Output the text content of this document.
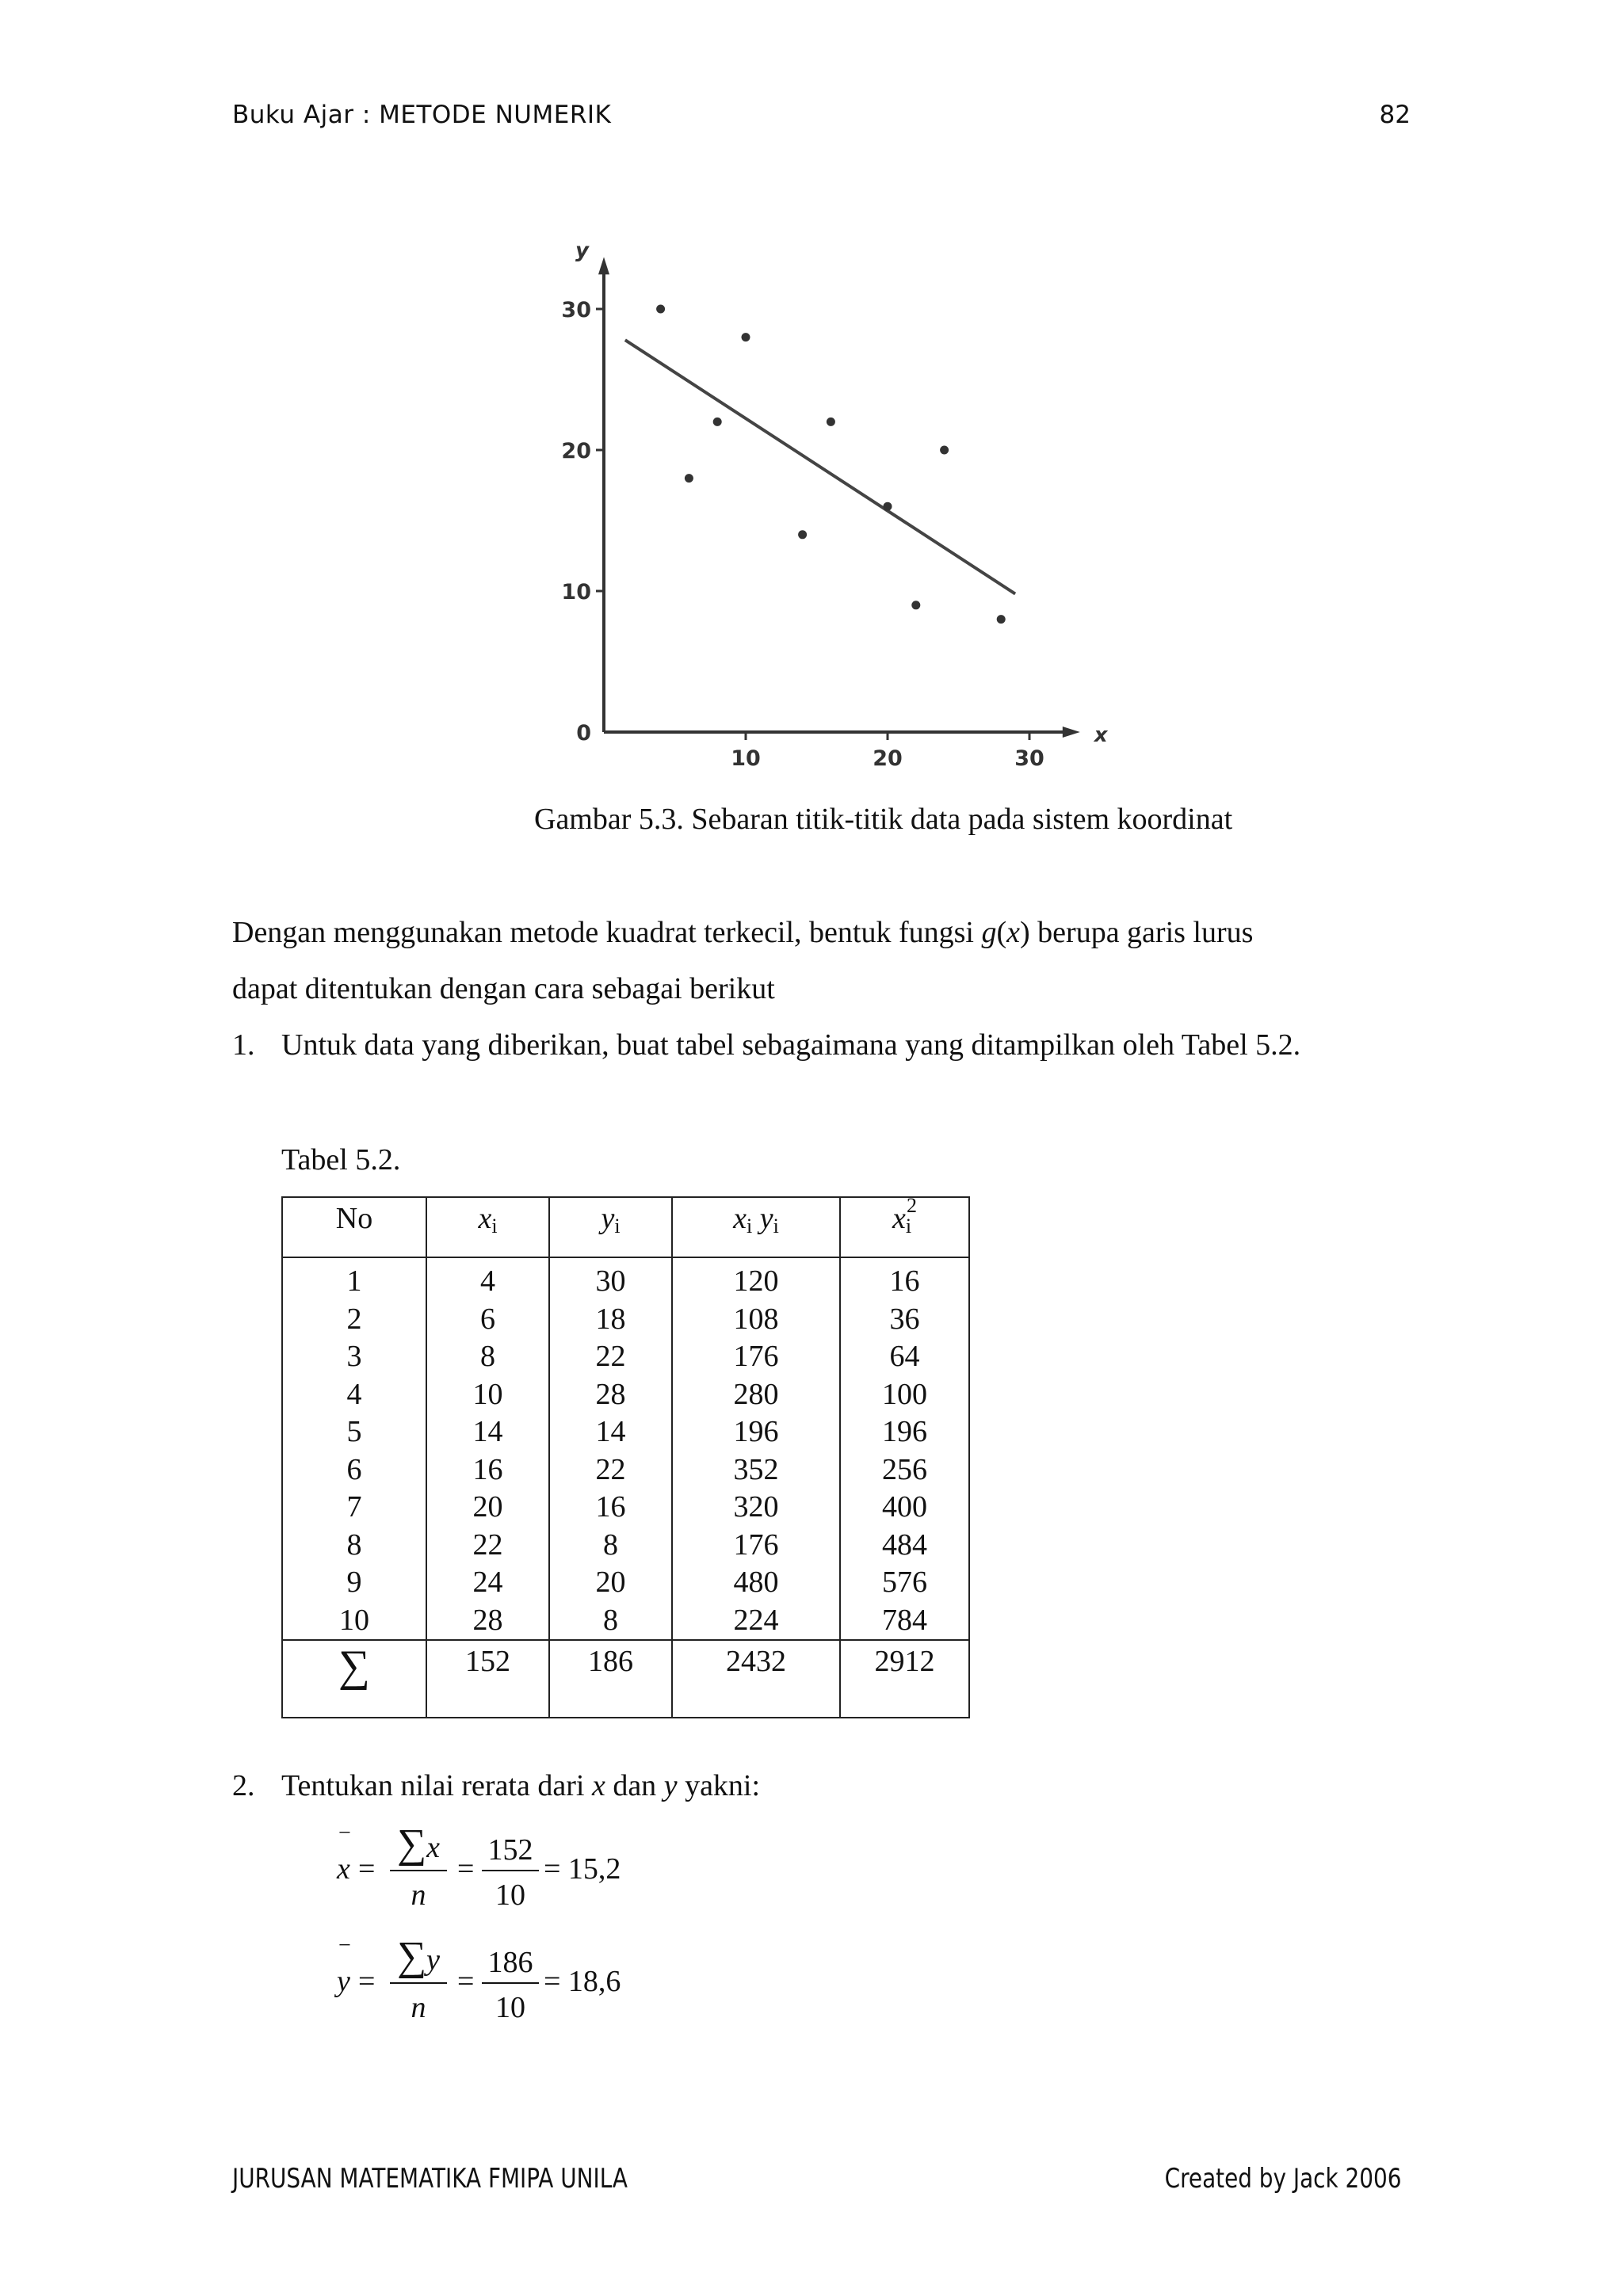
Buku Ajar : METODE NUMERIK	82
x
y
0
10
20
30
10	20	30
Gambar 5.3. Sebaran titik-titik data pada sistem koordinat
Dengan menggunakan metode kuadrat terkecil, bentuk fungsi g(x) berupa garis lurus
dapat ditentukan dengan cara sebagai berikut
1. Untuk data yang diberikan, buat tabel sebagaimana yang ditampilkan oleh Tabel 5.2.
Tabel 5.2.
No	$x_i$	$y_i$	$x_i$ $y_i$	$x_i^2$
1	4	30	120	16
2	6	18	108	36
3	8	22	176	64
4	10	28	280	100
5	14	14	196	196
6	16	22	352	256
7	20	16	320	400
8	22	8	176	484
9	24	20	480	576
10	28	8	224	784
∑	152	186	2432	2912
2. Tentukan nilai rerata dari x dan y yakni:
−
x =
∑x
n
=
152
10
= 15,2
−
y =
∑y
n
=
186
10
= 18,6
JURUSAN MATEMATIKA FMIPA UNILA	Created by Jack 2006
